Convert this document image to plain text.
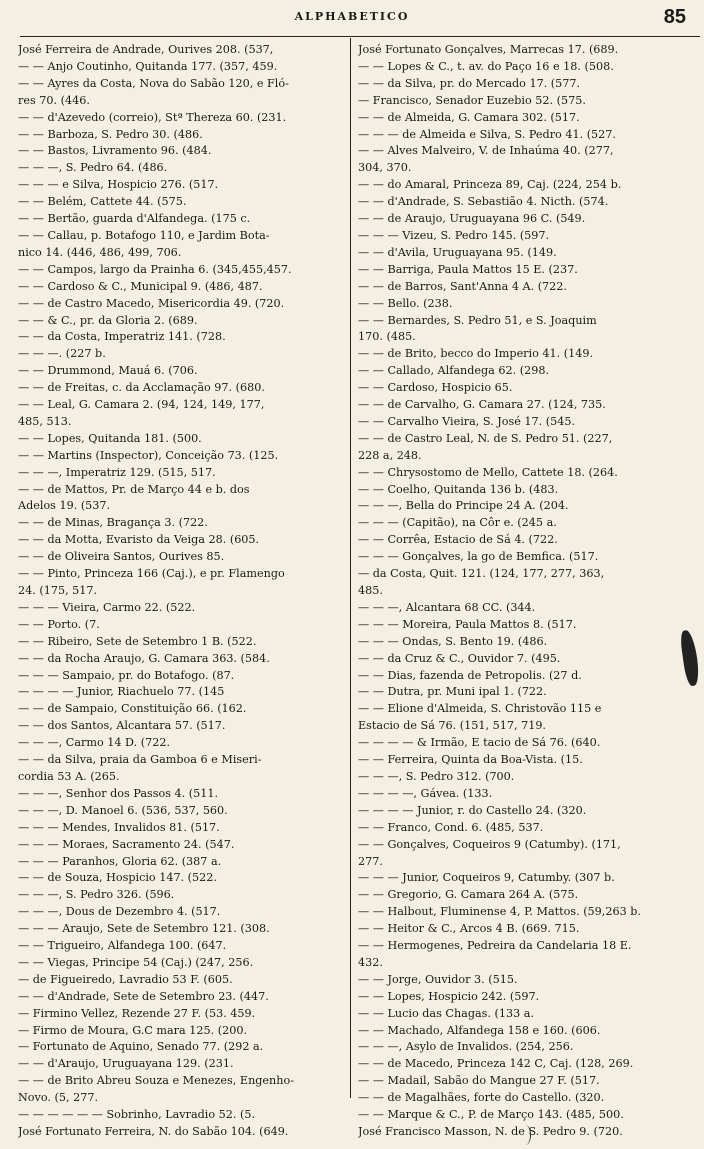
ALPHABETICO	85
José Ferreira de Andrade, Ourives 208. (537,
— — Anjo Coutinho, Quitanda 177. (357, 459.
— — Ayres da Costa, Nova do Sabão 120, e Fló-
res 70. (446.
— — d'Azevedo (correio), Stª Thereza 60. (231.
— — Barboza, S. Pedro 30. (486.
— — Bastos, Livramento 96. (484.
— — —, S. Pedro 64. (486.
— — — e Silva, Hospicio 276. (517.
— — Belém, Cattete 44. (575.
— — Bertão, guarda d'Alfandega. (175 c.
— — Callau, p. Botafogo 110, e Jardim Bota-
nico 14. (446, 486, 499, 706.
— — Campos, largo da Prainha 6. (345,455,457.
— — Cardoso & C., Municipal 9. (486, 487.
— — de Castro Macedo, Misericordia 49. (720.
— — & C., pr. da Gloria 2. (689.
— — da Costa, Imperatriz 141. (728.
— — —. (227 b.
— — Drummond, Mauá 6. (706.
— — de Freitas, c. da Acclamação 97. (680.
— — Leal, G. Camara 2. (94, 124, 149, 177,
485, 513.
— — Lopes, Quitanda 181. (500.
— — Martins (Inspector), Conceição 73. (125.
— — —, Imperatriz 129. (515, 517.
— — de Mattos, Pr. de Março 44 e b. dos
Adelos 19. (537.
— — de Minas, Bragança 3. (722.
— — da Motta, Evaristo da Veiga 28. (605.
— — de Oliveira Santos, Ourives 85.
— — Pinto, Princeza 166 (Caj.), e pr. Flamengo
24. (175, 517.
— — — Vieira, Carmo 22. (522.
— — Porto. (7.
— — Ribeiro, Sete de Setembro 1 B. (522.
— — da Rocha Araujo, G. Camara 363. (584.
— — — Sampaio, pr. do Botafogo. (87.
— — — — Junior, Riachuelo 77. (145
— — de Sampaio, Constituição 66. (162.
— — dos Santos, Alcantara 57. (517.
— — —, Carmo 14 D. (722.
— — da Silva, praia da Gamboa 6 e Miseri-
cordia 53 A. (265.
— — —, Senhor dos Passos 4. (511.
— — —, D. Manoel 6. (536, 537, 560.
— — — Mendes, Invalidos 81. (517.
— — — Moraes, Sacramento 24. (547.
— — — Paranhos, Gloria 62. (387 a.
— — de Souza, Hospicio 147. (522.
— — —, S. Pedro 326. (596.
— — —, Dous de Dezembro 4. (517.
— — — Araujo, Sete de Setembro 121. (308.
— — Trigueiro, Alfandega 100. (647.
— — Viegas, Principe 54 (Caj.) (247, 256.
— de Figueiredo, Lavradio 53 F. (605.
— — d'Andrade, Sete de Setembro 23. (447.
— Firmino Vellez, Rezende 27 F. (53. 459.
— Firmo de Moura, G.C mara 125. (200.
— Fortunato de Aquino, Senado 77. (292 a.
— — d'Araujo, Uruguayana 129. (231.
— — de Brito Abreu Souza e Menezes, Engenho-
Novo. (5, 277.
— — — — — — Sobrinho, Lavradio 52. (5.
José Fortunato Ferreira, N. do Sabão 104. (649.
José Fortunato Gonçalves, Marrecas 17. (689.
— — Lopes & C., t. av. do Paço 16 e 18. (508.
— — da Silva, pr. do Mercado 17. (577.
— Francisco, Senador Euzebio 52. (575.
— — de Almeida, G. Camara 302. (517.
— — — de Almeida e Silva, S. Pedro 41. (527.
— — Alves Malveiro, V. de Inhaúma 40. (277,
304, 370.
— — do Amaral, Princeza 89, Caj. (224, 254 b.
— — d'Andrade, S. Sebastião 4. Nicth. (574.
— — de Araujo, Uruguayana 96 C. (549.
— — — Vizeu, S. Pedro 145. (597.
— — d'Avila, Uruguayana 95. (149.
— — Barriga, Paula Mattos 15 E. (237.
— — de Barros, Sant'Anna 4 A. (722.
— — Bello. (238.
— — Bernardes, S. Pedro 51, e S. Joaquim
170. (485.
— — de Brito, becco do Imperio 41. (149.
— — Callado, Alfandega 62. (298.
— — Cardoso, Hospicio 65.
— — de Carvalho, G. Camara 27. (124, 735.
— — Carvalho Vieira, S. José 17. (545.
— — de Castro Leal, N. de S. Pedro 51. (227,
228 a, 248.
— — Chrysostomo de Mello, Cattete 18. (264.
— — Coelho, Quitanda 136 b. (483.
— — —, Bella do Principe 24 A. (204.
— — — (Capitão), na Côr e. (245 a.
— — Corrêa, Estacio de Sá 4. (722.
— — — Gonçalves, la go de Bemfica. (517.
— da Costa, Quit. 121. (124, 177, 277, 363,
485.
— — —, Alcantara 68 CC. (344.
— — — Moreira, Paula Mattos 8. (517.
— — — Ondas, S. Bento 19. (486.
— — da Cruz & C., Ouvidor 7. (495.
— — Dias, fazenda de Petropolis. (27 d.
— — Dutra, pr. Muni ipal 1. (722.
— — Elione d'Almeida, S. Christovão 115 e
Estacio de Sá 76. (151, 517, 719.
— — — — & Irmão, E tacio de Sá 76. (640.
— — Ferreira, Quinta da Boa-Vista. (15.
— — —, S. Pedro 312. (700.
— — — —, Gávea. (133.
— — — — Junior, r. do Castello 24. (320.
— — Franco, Cond. 6. (485, 537.
— — Gonçalves, Coqueiros 9 (Catumby). (171,
277.
— — — Junior, Coqueiros 9, Catumby. (307 b.
— — Gregorio, G. Camara 264 A. (575.
— — Halbout, Fluminense 4, P. Mattos. (59,263 b.
— — Heitor & C., Arcos 4 B. (669. 715.
— — Hermogenes, Pedreira da Candelaria 18 E.
432.
— — Jorge, Ouvidor 3. (515.
— — Lopes, Hospicio 242. (597.
— — Lucio das Chagas. (133 a.
— — Machado, Alfandega 158 e 160. (606.
— — —, Asylo de Invalidos. (254, 256.
— — de Macedo, Princeza 142 C, Caj. (128, 269.
— — Madail, Sabão do Mangue 27 F. (517.
— — de Magalhães, forte do Castello. (320.
— — Marque & C., P. de Março 143. (485, 500.
José Francisco Masson, N. de S. Pedro 9. (720.
